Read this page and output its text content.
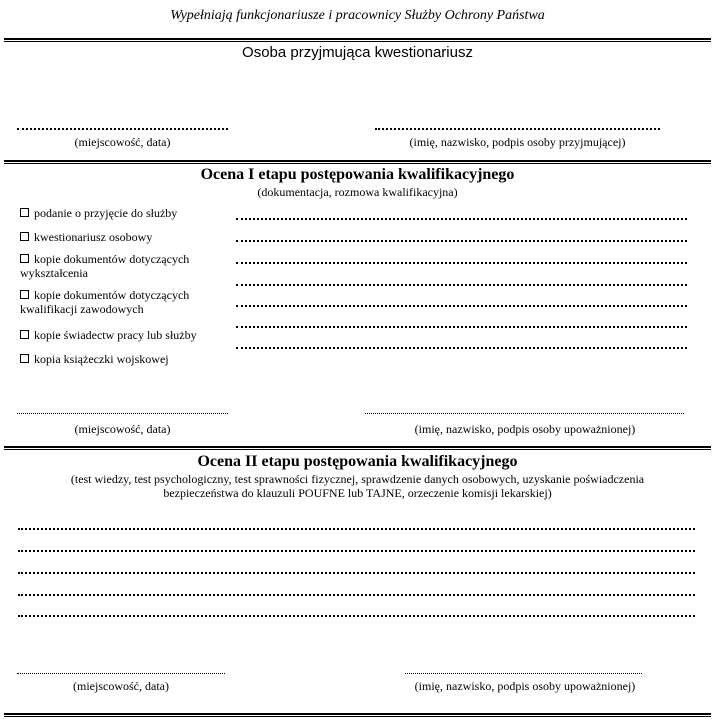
Wypełniają funkcjonariusze i pracownicy Służby Ochrony Państwa
Osoba przyjmująca kwestionariusz
(miejscowość, data)	(imię, nazwisko, podpis osoby przyjmującej)
Ocena I etapu postępowania kwalifikacyjnego
(dokumentacja, rozmowa kwalifikacyjna)
podanie o przyjęcie do służby
kwestionariusz osobowy
kopie dokumentów dotyczących
wykształcenia
kopie dokumentów dotyczących
kwalifikacji zawodowych
kopie świadectw pracy lub służby
kopia książeczki wojskowej
(miejscowość, data)	(imię, nazwisko, podpis osoby upoważnionej)
Ocena II etapu postępowania kwalifikacyjnego
(test wiedzy, test psychologiczny, test sprawności fizycznej, sprawdzenie danych osobowych, uzyskanie poświadczenia
bezpieczeństwa do klauzuli POUFNE lub TAJNE, orzeczenie komisji lekarskiej)
(miejscowość, data)	(imię, nazwisko, podpis osoby upoważnionej)
